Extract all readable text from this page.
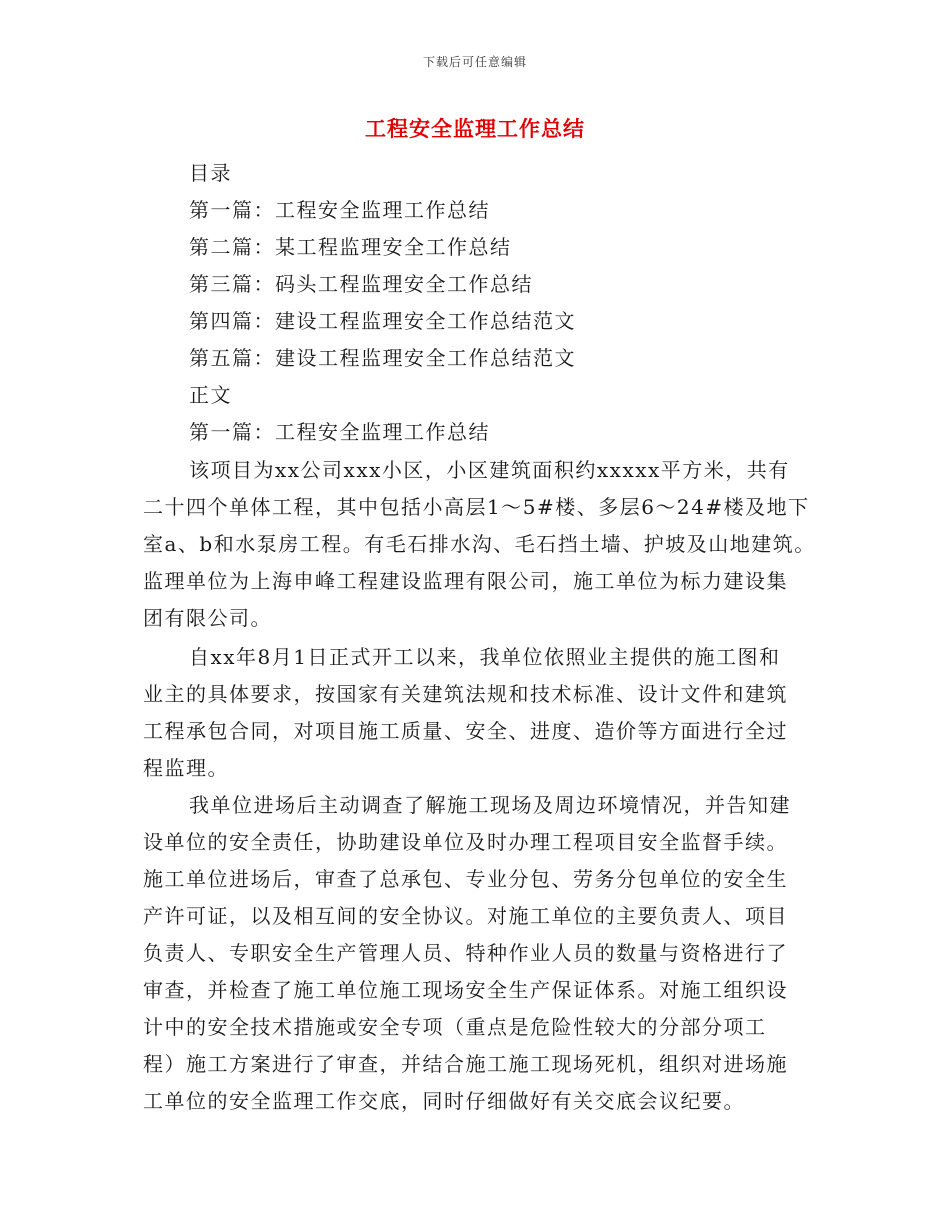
下载后可任意编辑
工程安全监理工作总结
目录
第一篇：工程安全监理工作总结
第二篇：某工程监理安全工作总结
第三篇：码头工程监理安全工作总结
第四篇：建设工程监理安全工作总结范文
第五篇：建设工程监理安全工作总结范文
正文
第一篇：工程安全监理工作总结
该项目为xx公司xxx小区，小区建筑面积约xxxxx平方米，共有
二十四个单体工程，其中包括小高层1～5#楼、多层6～24#楼及地下
室a、b和水泵房工程。有毛石排水沟、毛石挡土墙、护坡及山地建筑。
监理单位为上海申峰工程建设监理有限公司，施工单位为标力建设集
团有限公司。
自xx年8月1日正式开工以来，我单位依照业主提供的施工图和
业主的具体要求，按国家有关建筑法规和技术标准、设计文件和建筑
工程承包合同，对项目施工质量、安全、进度、造价等方面进行全过
程监理。
我单位进场后主动调查了解施工现场及周边环境情况，并告知建
设单位的安全责任，协助建设单位及时办理工程项目安全监督手续。
施工单位进场后，审查了总承包、专业分包、劳务分包单位的安全生
产许可证，以及相互间的安全协议。对施工单位的主要负责人、项目
负责人、专职安全生产管理人员、特种作业人员的数量与资格进行了
审查，并检查了施工单位施工现场安全生产保证体系。对施工组织设
计中的安全技术措施或安全专项（重点是危险性较大的分部分项工
程）施工方案进行了审查，并结合施工施工现场死机，组织对进场施
工单位的安全监理工作交底，同时仔细做好有关交底会议纪要。
